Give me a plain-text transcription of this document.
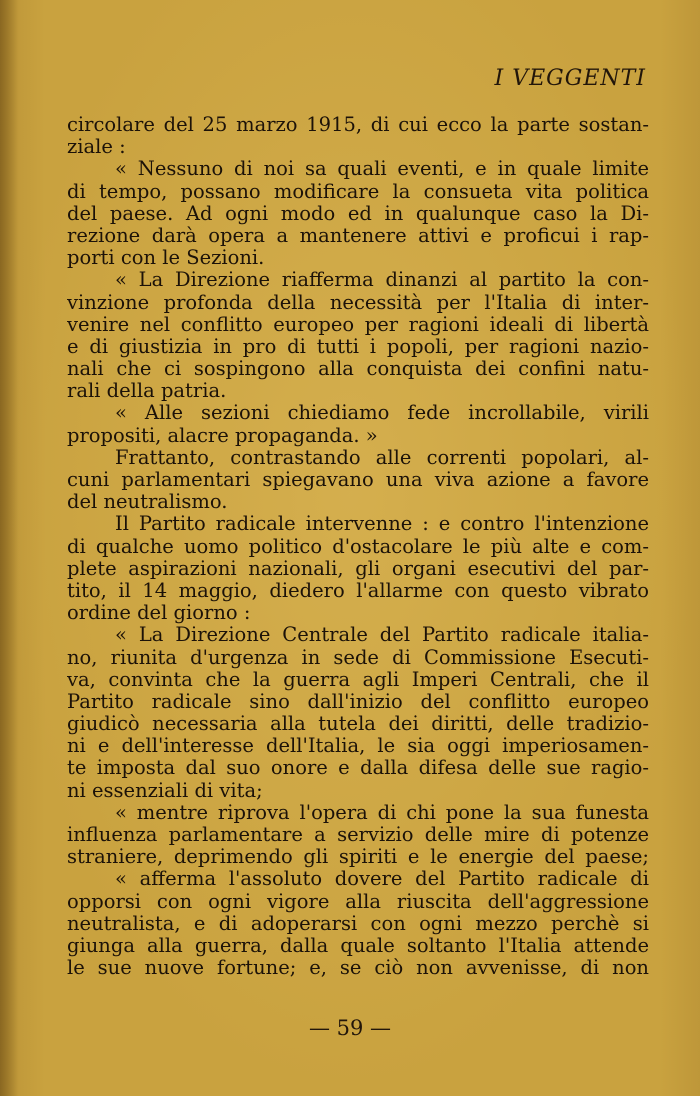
I VEGGENTI
circolare del 25 marzo 1915, di cui ecco la parte sostan-
ziale :
« Nessuno di noi sa quali eventi, e in quale limite
di tempo, possano modificare la consueta vita politica
del paese. Ad ogni modo ed in qualunque caso la Di-
rezione darà opera a mantenere attivi e proficui i rap-
porti con le Sezioni.
« La Direzione riafferma dinanzi al partito la con-
vinzione profonda della necessità per l'Italia di inter-
venire nel conflitto europeo per ragioni ideali di libertà
e di giustizia in pro di tutti i popoli, per ragioni nazio-
nali che ci sospingono alla conquista dei confini natu-
rali della patria.
« Alle sezioni chiediamo fede incrollabile, virili
propositi, alacre propaganda. »
Frattanto, contrastando alle correnti popolari, al-
cuni parlamentari spiegavano una viva azione a favore
del neutralismo.
Il Partito radicale intervenne : e contro l'intenzione
di qualche uomo politico d'ostacolare le più alte e com-
plete aspirazioni nazionali, gli organi esecutivi del par-
tito, il 14 maggio, diedero l'allarme con questo vibrato
ordine del giorno :
« La Direzione Centrale del Partito radicale italia-
no, riunita d'urgenza in sede di Commissione Esecuti-
va, convinta che la guerra agli Imperi Centrali, che il
Partito radicale sino dall'inizio del conflitto europeo
giudicò necessaria alla tutela dei diritti, delle tradizio-
ni e dell'interesse dell'Italia, le sia oggi imperiosamen-
te imposta dal suo onore e dalla difesa delle sue ragio-
ni essenziali di vita;
« mentre riprova l'opera di chi pone la sua funesta
influenza parlamentare a servizio delle mire di potenze
straniere, deprimendo gli spiriti e le energie del paese;
« afferma l'assoluto dovere del Partito radicale di
opporsi con ogni vigore alla riuscita dell'aggressione
neutralista, e di adoperarsi con ogni mezzo perchè si
giunga alla guerra, dalla quale soltanto l'Italia attende
le sue nuove fortune; e, se ciò non avvenisse, di non
— 59 —
